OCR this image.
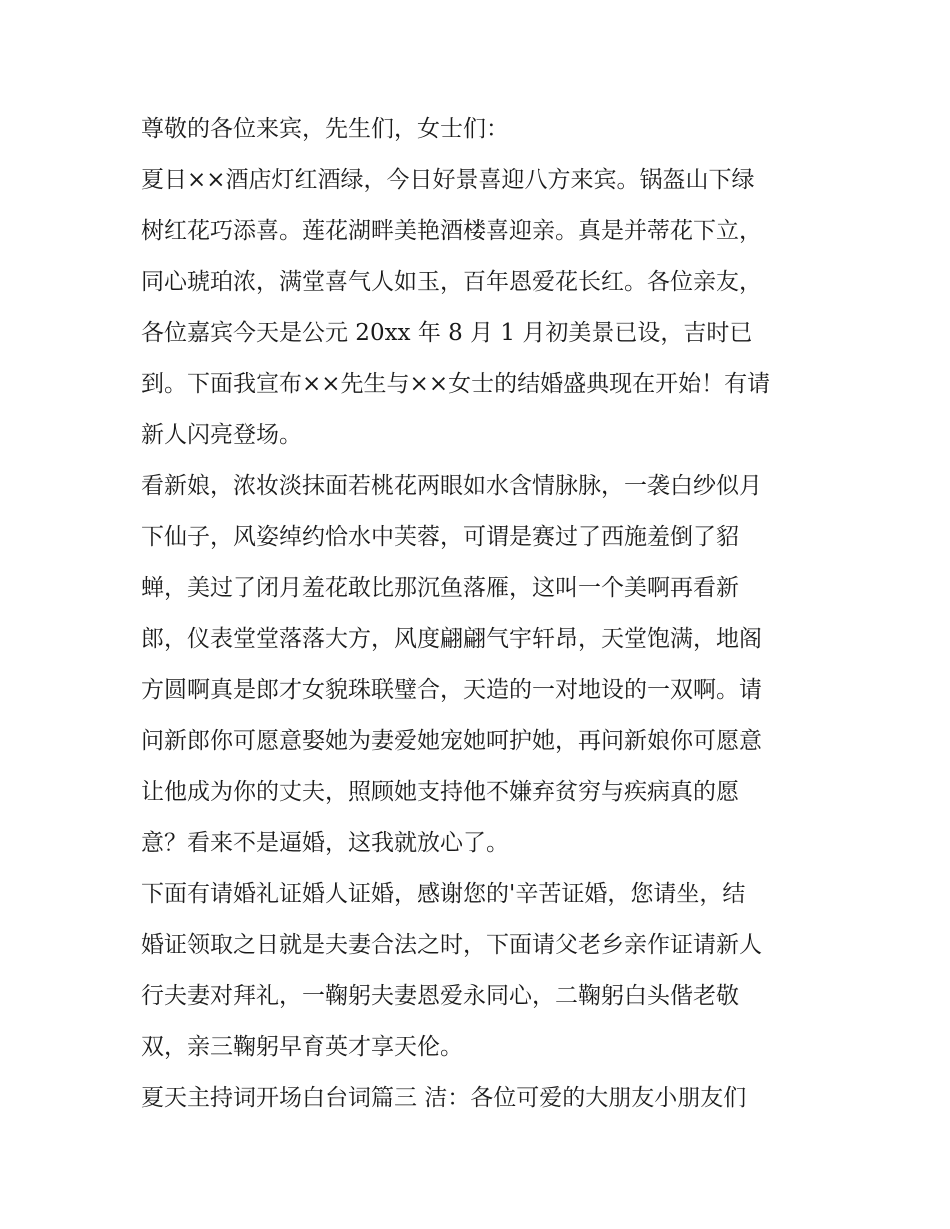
尊敬的各位来宾，先生们，女士们：
夏日××酒店灯红酒绿，今日好景喜迎八方来宾。锅盔山下绿
树红花巧添喜。莲花湖畔美艳酒楼喜迎亲。真是并蒂花下立，
同心琥珀浓，满堂喜气人如玉，百年恩爱花长红。各位亲友，
各位嘉宾今天是公元 20xx 年 8 月 1 月初美景已设，吉时已
到。下面我宣布××先生与××女士的结婚盛典现在开始！有请
新人闪亮登场。
看新娘，浓妆淡抹面若桃花两眼如水含情脉脉，一袭白纱似月
下仙子，风姿绰约恰水中芙蓉，可谓是赛过了西施羞倒了貂
蝉，美过了闭月羞花敢比那沉鱼落雁，这叫一个美啊再看新
郎，仪表堂堂落落大方，风度翩翩气宇轩昂，天堂饱满，地阁
方圆啊真是郎才女貌珠联璧合，天造的一对地设的一双啊。请
问新郎你可愿意娶她为妻爱她宠她呵护她，再问新娘你可愿意
让他成为你的丈夫，照顾她支持他不嫌弃贫穷与疾病真的愿
意？看来不是逼婚，这我就放心了。
下面有请婚礼证婚人证婚，感谢您的'辛苦证婚，您请坐，结
婚证领取之日就是夫妻合法之时，下面请父老乡亲作证请新人
行夫妻对拜礼，一鞠躬夫妻恩爱永同心，二鞠躬白头偕老敬
双，亲三鞠躬早育英才享天伦。
夏天主持词开场白台词篇三 洁：各位可爱的大朋友小朋友们
